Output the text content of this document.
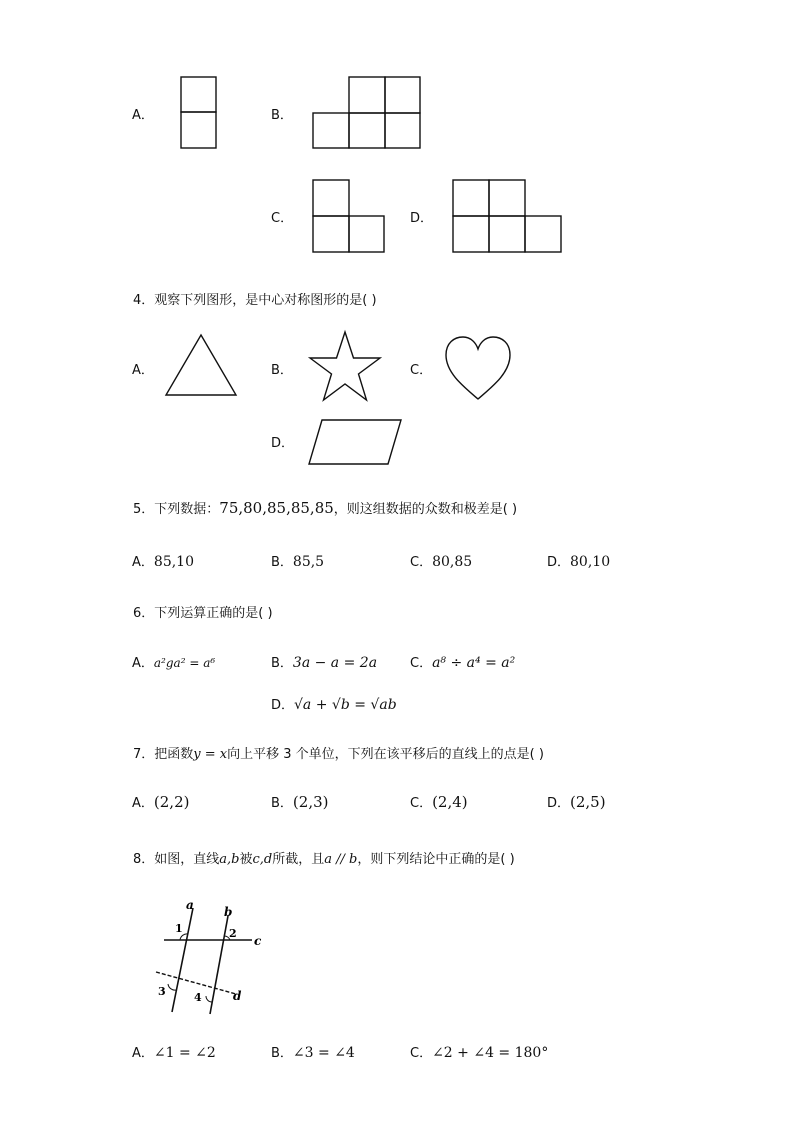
A．	B．
C．	D．
4．观察下列图形，是中心对称图形的是( )
A．	B．	C．
D．
5．下列数据：75,80,85,85,85，则这组数据的众数和极差是( )
A．85,10	B．85,5	C．80,85	D．80,10
6．下列运算正确的是( )
A．a²ga² = a⁶	B．3a − a = 2a	C．a⁸ ÷ a⁴ = a²
D．√a + √b = √ab
7．把函数y = x向上平移 3 个单位，下列在该平移后的直线上的点是( )
A．(2,2)	B．(2,3)	C．(2,4)	D．(2,5)
8．如图，直线a,b被c,d所截，且a // b，则下列结论中正确的是( )
a	b
c
d
1	2
3	4
A．∠1 = ∠2	B．∠3 = ∠4	C．∠2 + ∠4 = 180°
